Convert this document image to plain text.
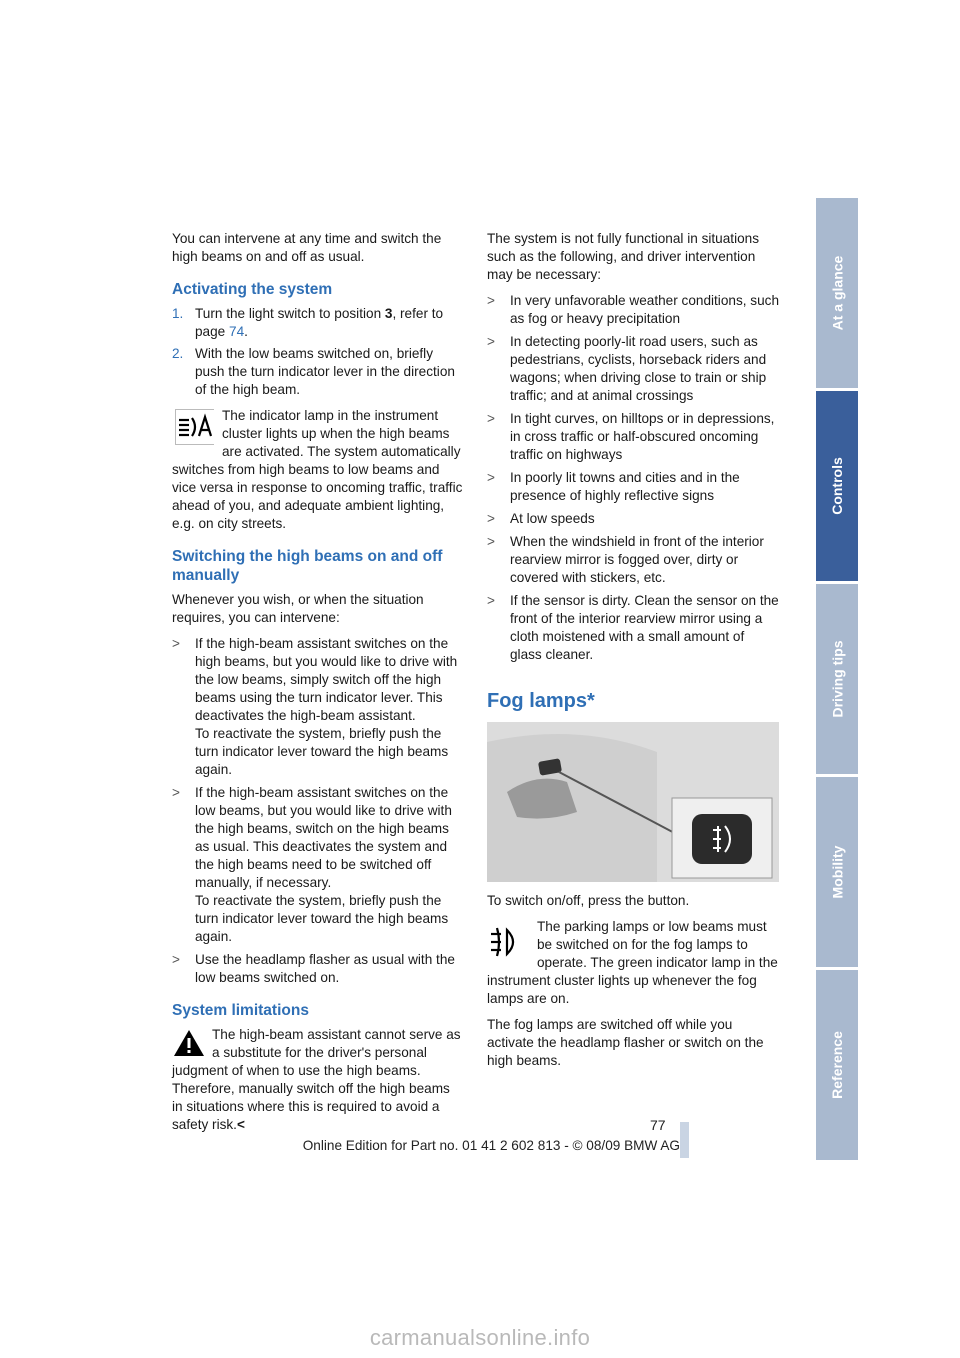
At a glance
Controls
Driving tips
Mobility
Reference

You can intervene at any time and switch the high beams on and off as usual.

Activating the system
1. Turn the light switch to position 3, refer to page 74.
2. With the low beams switched on, briefly push the turn indicator lever in the direction of the high beam.
The indicator lamp in the instrument cluster lights up when the high beams are activated. The system automatically switches from high beams to low beams and vice versa in response to oncoming traffic, traffic ahead of you, and adequate ambient lighting, e.g. on city streets.
Switching the high beams on and off manually

Whenever you wish, or when the situation requires, you can intervene:

>	If the high-beam assistant switches on the high beams, but you would like to drive with the low beams, simply switch off the high beams using the turn indicator lever. This deactivates the high-beam assistant.
To reactivate the system, briefly push the turn indicator lever toward the high beams again.
>	If the high-beam assistant switches on the low beams, but you would like to drive with the high beams, switch on the high beams as usual. This deactivates the system and the high beams need to be switched off manually, if necessary.
To reactivate the system, briefly push the turn indicator lever toward the high beams again.
>	Use the headlamp flasher as usual with the low beams switched on.
System limitations
The high-beam assistant cannot serve as a substitute for the driver's personal judgment of when to use the high beams. Therefore, manually switch off the high beams in situations where this is required to avoid a safety risk.<

The system is not fully functional in situations such as the following, and driver intervention may be necessary:

>	In very unfavorable weather conditions, such as fog or heavy precipitation
>	In detecting poorly-lit road users, such as pedestrians, cyclists, horseback riders and wagons; when driving close to train or ship traffic; and at animal crossings
>	In tight curves, on hilltops or in depressions, in cross traffic or half-obscured oncoming traffic on highways
>	In poorly lit towns and cities and in the presence of highly reflective signs
>	At low speeds
>	When the windshield in front of the interior rearview mirror is fogged over, dirty or covered with stickers, etc.
>	If the sensor is dirty. Clean the sensor on the front of the interior rearview mirror using a cloth moistened with a small amount of glass cleaner.
Fog lamps*

To switch on/off, press the button.

The parking lamps or low beams must be switched on for the fog lamps to operate. The green indicator lamp in the instrument cluster lights up whenever the fog lamps are on.

The fog lamps are switched off while you activate the headlamp flasher or switch on the high beams.

77
Online Edition for Part no. 01 41 2 602 813 - © 08/09 BMW AG
carmanualsonline.info
